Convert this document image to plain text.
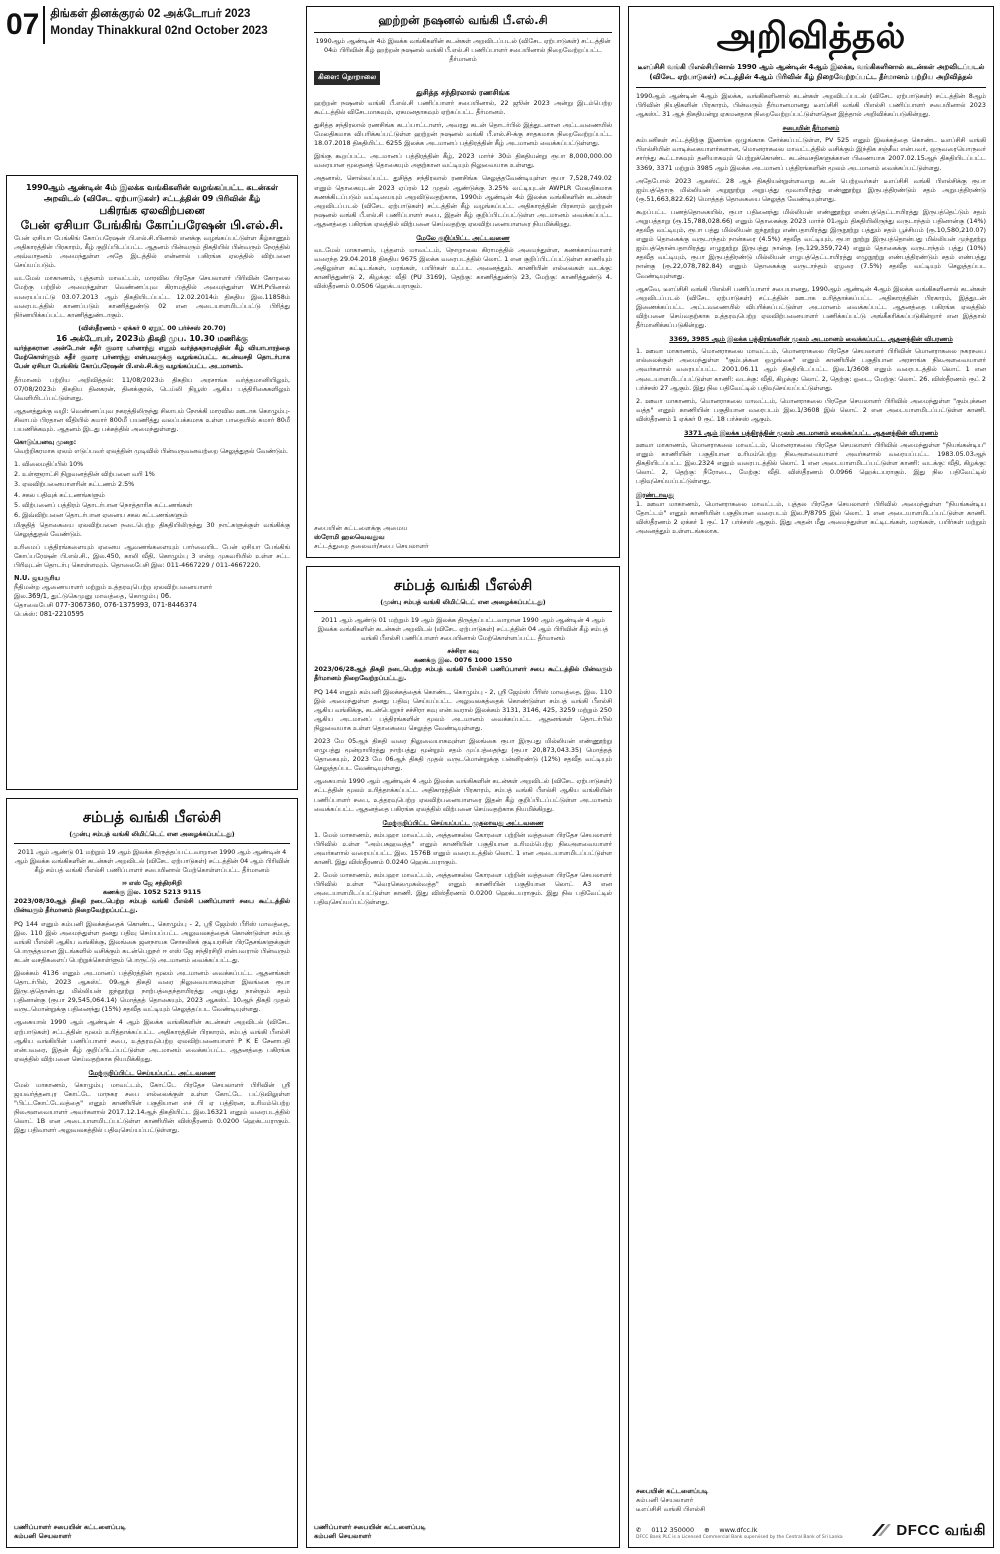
07 திங்கள் தினக்குரல் 02 அக்டோபர் 2023
Monday Thinakkural 02nd October 2023
1990ஆம் ஆண்டின் 4ம் இலக்க வங்கிகளின் வழங்கப்பட்ட கடன்கள் அறவிடல் (விசேட ஏற்பாடுகள்) சட்டத்தின் 09 பிரிவின் கீழ்
பகிரங்க ஏலவிற்பனை
பேன் ஏசியா பேங்கிங் கோப்பரேஷன் பி.எல்.சி.

பேன் ஏசியா பேங்கிங் கோப்பரேஷன் பி.எல்.சி.யினால் எனக்கு வழங்கப்பட்டுள்ள கீழ்காணும் அதிகாரத்தின் பிரகாரம், கீழ் குறிப்பிடப்பட்ட ஆதனம் பின்வரும் திகதியில் பின்வரும் நேரத்தில் அவ்வாதனம் அமைந்துள்ள அதே இடத்தில் என்னால் பகிரங்க ஏலத்தில் விற்பனை செய்யப்படும்.

வடமேல் மாகாணம், புத்தளம் மாவட்டம், மாரவில பிரதேச செயலாளர் பிரிவின் கோரலை மேற்கு பற்றில் அமைந்துள்ள வெண்ணப்புவ கிராமத்தில் அமைந்துள்ள W.H.Pயினால் வரையப்பட்டு 03.07.2013 ஆம் திகதியிடப்பட்ட 12.02.2014ம் திகதிய இல.11858ம் வரைபடத்தில் காணப்படும் காணித்துண்டு 02 என அடையாளமிடப்பட்டு பிரித்து நிர்ணயிக்கப்பட்ட காணித்துண்டாகும்.

(விஸ்தீரணம் - ஏக்கர் 0 ஏறூட் 00 பர்ச்சஸ் 20.70)
16 அக்டோபர், 2023ம் திகதி முப. 10.30 மணிக்கு

வர்த்தகரான அன்டோன் சுதீர் குமார பர்னாந்து எனும் வர்த்தகநாமத்தின் கீழ் வியாபாரத்தை மேற்கொள்ளும் சுதீர் குமார பர்னாந்து என்பவருக்கு வழங்கப்பட்ட கடன்வசதி தொடர்பாக பேன் ஏசியா பேங்கிங் கோப்பரேஷன் பி.எல்.சி.க்கு வழங்கப்பட்ட அடமானம்.

தீர்மானம் பற்றிய அறிவித்தல்: 11/08/2023ம் திகதிய அரசாங்க வர்த்தமானியிலும், 07/08/2023ம் திகதிய தினகரன், தினக்குரல், டெய்லி நியூஸ் ஆகிய பத்திரிகைகளிலும் வெளியிடப்பட்டுள்ளது.

ஆதனத்துக்கு வழி: வெண்ணப்புவ நகரத்திலிருந்து சிலாபம் நோக்கி மாரவில ஊடாக கொழும்பு-சிலாபம் பிரதான வீதியில் சுமார் 800மீ பயணித்து வலப்பக்கமாக உள்ள பாதையில் சுமார் 80மீ பயணிக்கவும். ஆதனம் இடது பக்கத்தில் அமைந்துள்ளது.

கொடுப்பனவு முறை:

வெற்றிகரமாக ஏலம் எடுப்பவர் ஏலத்தின் முடிவில் பின்வருவனவற்றை செலுத்துதல் வேண்டும்.

1. விலைமதிப்பில் 10%
2. உள்ளூராட்சி நிறுவனத்தின் விற்பனை வரி 1%
3. ஏலவிற்பனையாளரின் கட்டணம் 2.5%
4. சகல பதிவுக் கட்டணங்களும்
5. விற்பனைப் பத்திரம் தொடர்பான நொத்தாரிசு கட்டணங்கள்
6. இவ்விற்பனை தொடர்பான ஏனைய சகல கட்டணங்களும்

மிகுதித் தொகையை ஏலவிற்பனை நடைபெற்ற திகதியிலிருந்து 30 நாட்களுக்குள் வங்கிக்கு செலுத்துதல் வேண்டும்.

உரிமைப் பத்திரங்களையும் ஏனைய ஆவணங்களையும் பார்வையிட பேன் ஏசியா பேங்கிங் கோப்பரேஷன் பி.எல்.சி., இல.450, காலி வீதி, கொழும்பு 3 என்ற முகவரியில் உள்ள சட்ட பிரிவுடன் தொடர்பு கொள்ளவும். தொலைபேசி இல: 011-4667229 / 011-4667220.

N.U. ஜயசூரிய
நீதிமன்ற ஆணையாளர் மற்றும் உத்தரவுபெற்ற ஏலவிற்பனையாளர்
இல.369/1, துட்டுகெமுனு மாவத்தை, கொழும்பு 06.
தொலைபேசி 077-3067360, 076-1375993, 071-8446374
பெக்ஸ்: 081-2210595
சம்பத் வங்கி பீஎல்சி
(முன்பு சம்பத் வங்கி லிமிட்டெட் என அழைக்கப்பட்டது)

2011 ஆம் ஆண்டு 01 மற்றும் 19 ஆம் இலக்க திருத்தப்பட்டவாறான 1990 ஆம் ஆண்டின் 4 ஆம் இலக்க வங்கிகளின் கடன்கள் அறவிடல் (விசேட ஏற்பாடுகள்) சட்டத்தின் 04 ஆம் பிரிவின் கீழ் சம்பத் வங்கி பீஎல்சி பணிப்பாளர் சபையினால் மேற்கொள்ளப்பட்ட தீர்மானம்

ஈ எஸ் ஜே சந்திரசிறி
கணக்கு இல. 1052 5213 9115

2023/08/30ஆந் திகதி நடைபெற்ற சம்பத் வங்கி பீஎல்சி பணிப்பாளர் சபை கூட்டத்தில் பின்வரும் தீர்மானம் நிறைவேற்றப்பட்டது.

PQ 144 எனும் கம்பனி இலக்கத்தைக் கொண்ட, கொழும்பு - 2, ஸ்ரீ ஜேம்ஸ் பீரிஸ் மாவத்தை, இல. 110 இல் அமைந்துள்ள தனது பதிவு செய்யப்பட்ட அலுவலகத்தைக் கொண்டுள்ள சம்பத் வங்கி பீஎல்சி ஆகிய வங்கிக்கு, இலங்கை ஜனநாயக சோசலிசக் குடியரசின் பிரதேசங்களுக்குள் பொருத்தமான இடங்களில் வசிக்கும் கடன்பெறுநர் ஈ எஸ் ஜே சந்திரசிறி என்பவரால் பின்வரும் கடன் வசதிகளைப் பெற்றுக்கொள்ளும் பொருட்டு அடமானம் வைக்கப்பட்டது.

இலக்கம் 4136 எனும் அடமானப் பத்திரத்தின் மூலம் அடமானம் வைக்கப்பட்ட ஆதனங்கள் தொடர்பில், 2023 ஆகஸ்ட் 09ஆந் திகதி வரை நிலுவையாகவுள்ள இலங்கை ரூபா இருபத்தொன்பது மில்லியன் ஐந்நூற்று நாற்பத்தைந்தாயிரத்து அறுபத்து நான்கும் சதம் பதினான்கு (ரூபா 29,545,064.14) மொத்தத் தொகையும், 2023 ஆகஸ்ட் 10ஆந் திகதி முதல் வருடமொன்றுக்கு பதினைந்து (15%) சதவீத வட்டியும் செலுத்தப்பட வேண்டியுள்ளது.

ஆகையால் 1990 ஆம் ஆண்டின் 4 ஆம் இலக்க வங்கிகளின் கடன்கள் அறவிடல் (விசேட ஏற்பாடுகள்) சட்டத்தின் மூலம் உரித்தாக்கப்பட்ட அதிகாரத்தின் பிரகாரம், சம்பத் வங்கி பீஎல்சி ஆகிய வங்கியின் பணிப்பாளர் சபை, உத்தரவுபெற்ற ஏலவிற்பனையாளர் P K E சேனாபதி என்பவரை, இதன் கீழ் குறிப்பிடப்பட்டுள்ள அடமானம் வைக்கப்பட்ட ஆதனத்தை பகிரங்க ஏலத்தில் விற்பனை செய்வதற்காக நியமிக்கிறது.

மேற்குறிப்பிட்ட செய்யப்பட்ட அட்டவணை

மேல் மாகாணம், கொழும்பு மாவட்டம், கோட்டே பிரதேச செயலாளர் பிரிவின் ஸ்ரீ ஜயவர்த்தனபுர கோட்டே மாநகர சபை எல்லைக்குள் உள்ள கோட்டே பட்டுவிலுள்ள "பிட்டகோட்டேவத்தை" எனும் காணியின் பகுதியான எச் பி ஏ பத்திரன, உரிமம்பெற்ற நிலஅளவையாளர் அவர்களால் 2017.12.14ஆந் திகதியிட்ட இல.16321 எனும் வரைபடத்தில் லொட் 1B என அடையாளமிடப்பட்டுள்ள காணியின் விஸ்தீரணம் 0.0200 ஹெக்டயராகும். இது பதிவாளர் அலுவலகத்தில் பதிவுசெய்யப்பட்டுள்ளது.

பணிப்பாளர் சபையின் கட்டளைப்படி
கம்பனி செயலாளர்
ஹற்றன் நஷனல் வங்கி பீ.எல்.சி

1990ஆம் ஆண்டின் 4ம் இலக்க வங்கிகளின் கடன்கள் அறவிடப்படல் (விசேட ஏற்பாடுகள்) சட்டத்தின் 04ம் பிரிவின் கீழ் ஹற்றன் நஷனல் வங்கி பீ.எல்.சி பணிப்பாளர் சபையினால் நிறைவேற்றப்பட்ட தீர்மானம்

கிளை: நொறாலை
துசித்த சந்திரலால் ரணசிங்க

ஹற்றன் நஷனல் வங்கி பீ.எல்.சி பணிப்பாளர் சபையினால், 22 ஜூன் 2023 அன்று இடம்பெற்ற கூட்டத்தில் விசேடமாகவும், ஏகமனதாகவும் ஏற்கப்பட்ட தீர்மானம்.

துசித்த சந்திரலால் ரணசிங்க கடப்பாட்டாளர், அவரது கடன் தொடர்பில் இத்துடனான அட்டவணையில் மேலதிகமாக விபரிக்கப்பட்டுள்ள ஹற்றன் நஷனல் வங்கி பீ.எல்.சி-க்கு சாதகமாக நிறைவேற்றப்பட்ட 18.07.2018 திகதியிட்ட 6255 இலக்க அடமானப் பத்திரத்தின் கீழ் அடமானம் வைக்கப்பட்டுள்ளது.

இங்கு கூறப்பட்ட அடமானப் பத்திரத்தின் கீழ், 2023 மார்ச் 30ம் திகதியன்று ரூபா 8,000,000.00 வரையான மூலதனத் தொகையும் அதற்கான வட்டியும் நிலுவையாக உள்ளது.

அதனால், சொல்லப்பட்ட துசித்த சந்திரலால் ரணசிங்க செலுத்தவேண்டியுள்ள ரூபா 7,528,749.02 எனும் தொகையுடன் 2023 ஏப்ரல் 12 முதல் ஆண்டுக்கு 3.25% வட்டியுடன் AWPLR மேலதிகமாக கணக்கிடப்படும் வட்டியையும் அறவிடுவதற்காக, 1990ம் ஆண்டின் 4ம் இலக்க வங்கிகளின் கடன்கள் அறவிடப்படல் (விசேட ஏற்பாடுகள்) சட்டத்தின் கீழ் வழங்கப்பட்ட அதிகாரத்தின் பிரகாரம் ஹற்றன் நஷனல் வங்கி பீ.எல்.சி பணிப்பாளர் சபை, இதன் கீழ் குறிப்பிடப்பட்டுள்ள அடமானம் வைக்கப்பட்ட ஆதனத்தை பகிரங்க ஏலத்தில் விற்பனை செய்வதற்கு ஏலவிற்பனையாளரை நியமிக்கிறது.

மேலே குறிப்பிட்ட அட்டவணை

வடமேல் மாகாணம், புத்தளம் மாவட்டம், நொறாலை கிராமத்தில் அமைந்துள்ள, கணக்காய்வாளர் வரைந்த 29.04.2018 திகதிய 9675 இலக்க வரைபடத்தில் லொட் 1 என குறிப்பிடப்பட்டுள்ள காணியும் அதிலுள்ள கட்டிடங்கள், மரங்கள், பயிர்கள் உட்பட அனைத்தும். காணியின் எல்லைகள் வடக்கு: காணித்துண்டு 2, கிழக்கு: வீதி (PU 3169), தெற்கு: காணித்துண்டு 23, மேற்கு: காணித்துண்டு 4. விஸ்தீரணம் 0.0506 ஹெக்டயராகும்.

சபையின் கட்டளைக்கு அமைய
ஸ்ரோமி ஹலவெவதுவ
சட்டத்துறை தலைவர்/சபை செயலாளர்
சம்பத் வங்கி பீஎல்சி
(முன்பு சம்பத் வங்கி லிமிட்டெட் என அழைக்கப்பட்டது)

2011 ஆம் ஆண்டு 01 மற்றும் 19 ஆம் இலக்க திருத்தப்பட்டவாறான 1990 ஆம் ஆண்டின் 4 ஆம் இலக்க வங்கிகளின் கடன்கள் அறவிடல் (விசேட ஏற்பாடுகள்) சட்டத்தின் 04 ஆம் பிரிவின் கீழ் சம்பத் வங்கி பீஎல்சி பணிப்பாளர் சபையினால் மேற்கொள்ளப்பட்ட தீர்மானம்

சச்சிரா கவு
கணக்கு இல. 0076 1000 1550

2023/06/28ஆந் திகதி நடைபெற்ற சம்பத் வங்கி பீஎல்சி பணிப்பாளர் சபை கூட்டத்தில் பின்வரும் தீர்மானம் நிறைவேற்றப்பட்டது.

PQ 144 எனும் கம்பனி இலக்கத்தைக் கொண்ட, கொழும்பு - 2, ஸ்ரீ ஜேம்ஸ் பீரிஸ் மாவத்தை, இல. 110 இல் அமைந்துள்ள தனது பதிவு செய்யப்பட்ட அலுவலகத்தைக் கொண்டுள்ள சம்பத் வங்கி பீஎல்சி ஆகிய வங்கிக்கு, கடன்பெறுநர் சச்சிரா கவு என்பவரால் இலக்கம் 3131, 3146, 425, 3259 மற்றும் 250 ஆகிய அடமானப் பத்திரங்களின் மூலம் அடமானம் வைக்கப்பட்ட ஆதனங்கள் தொடர்பில் நிலுவையாக உள்ள தொகையை செலுத்த வேண்டியுள்ளது.

2023 மே 05ஆந் திகதி வரை நிலுவையாகவுள்ள இலங்கை ரூபா இருபது மில்லியன் எண்ணூற்று எழுபத்து மூன்றாயிரத்து நாற்பத்து மூன்றும் சதம் முப்பத்தைந்து (ரூபா 20,873,043.35) மொத்தத் தொகையும், 2023 மே 06ஆந் திகதி முதல் வருடமொன்றுக்கு பன்னிரண்டு (12%) சதவீத வட்டியும் செலுத்தப்பட வேண்டியுள்ளது.

ஆகையால் 1990 ஆம் ஆண்டின் 4 ஆம் இலக்க வங்கிகளின் கடன்கள் அறவிடல் (விசேட ஏற்பாடுகள்) சட்டத்தின் மூலம் உரித்தாக்கப்பட்ட அதிகாரத்தின் பிரகாரம், சம்பத் வங்கி பீஎல்சி ஆகிய வங்கியின் பணிப்பாளர் சபை, உத்தரவுபெற்ற ஏலவிற்பனையாளரை இதன் கீழ் குறிப்பிடப்பட்டுள்ள அடமானம் வைக்கப்பட்ட ஆதனத்தை பகிரங்க ஏலத்தில் விற்பனை செய்வதற்காக நியமிக்கிறது.

மேற்குறிப்பிட்ட செய்யப்பட்ட முதலாவது அட்டவணை

1. மேல் மாகாணம், கம்பஹா மாவட்டம், அத்தனகல்ல கோரளை பற்றின் வத்தளை பிரதேச செயலாளர் பிரிவில் உள்ள "அம்பகஹவத்த" எனும் காணியின் பகுதியான உரிமம்பெற்ற நிலஅளவையாளர் அவர்களால் வரையப்பட்ட இல. 1576B எனும் வரைபடத்தில் லொட் 1 என அடையாளமிடப்பட்டுள்ள காணி. இது விஸ்தீரணம் 0.0240 ஹெக்டயராகும்.

2. மேல் மாகாணம், கம்பஹா மாவட்டம், அத்தனகல்ல கோரளை பற்றின் வத்தளை பிரதேச செயலாளர் பிரிவில் உள்ள "வெரகெலமுகல்வத்த" எனும் காணியின் பகுதியான லொட் A3 என அடையாளமிடப்பட்டுள்ள காணி. இது விஸ்தீரணம் 0.0200 ஹெக்டயராகும். இது நில பதிவேட்டில் பதிவுசெய்யப்பட்டுள்ளது.

பணிப்பாளர் சபையின் கட்டளைப்படி
கம்பனி செயலாளர்
அறிவித்தல்
டீஎப்சிசி வங்கி பிஎல்சியினால் 1990 ஆம் ஆண்டின் 4ஆம் இலக்க, வங்கிகளினால் கடன்கள் அறவிடப்படல் (விசேட ஏற்பாடுகள்) சட்டத்தின் 4ஆம் பிரிவின் கீழ் நிறைவேற்றப்பட்ட தீர்மானம் பற்றிய அறிவித்தல்

1990ஆம் ஆண்டின் 4ஆம் இலக்க, வங்கிகளினால் கடன்கள் அறவிடப்படல் (விசேட ஏற்பாடுகள்) சட்டத்தின் 8ஆம் பிரிவின் நியதிகளின் பிரகாரம், பின்வரும் தீர்மானமானது டீஎப்சிசி வங்கி பிஎல்சி பணிப்பாளர் சபையினால் 2023 ஆகஸ்ட் 31 ஆந் திகதியன்று ஏகமனதாக நிறைவேற்றப்பட்டுள்ளதென இத்தால் அறிவிக்கப்படுகின்றது.

சபையின் தீர்மானம்

கம்பனிகள் சட்டத்திற்கு இணங்க ஒழுங்காக சேர்க்கப்பட்டுள்ள, PV 525 எனும் இலக்கத்தை கொண்ட டீஎப்சிசி வங்கி பிஎல்சியின் வாடிக்கையாளர்களான, மொனராகலை மாவட்டத்தில் வசிக்கும் இந்திக சஞ்சீவ என்பவர், ஒருவரையொருவர் சார்ந்து கூட்டாகவும் தனியாகவும் பெற்றுக்கொண்ட கடன்வசதிகளுக்கான பிணையாக 2007.02.15ஆந் திகதியிடப்பட்ட 3369, 3371 மற்றும் 3985 ஆம் இலக்க அடமானப் பத்திரங்களின் மூலம் அடமானம் வைக்கப்பட்டுள்ளது.

அதேபோல் 2023 ஆகஸ்ட் 28 ஆந் திகதியன்றுள்ளவாறு கடன் பெற்றவர்கள் டீஎப்சிசி வங்கி பிஎல்சிக்கு ரூபா ஐம்பத்தொரு மில்லியன் அறுநூற்று அறுபத்து மூவாயிரத்து எண்ணூற்று இருபத்திரண்டும் சதம் அறுபத்திரண்டு (ரூ.51,663,822.62) மொத்தத் தொகையை செலுத்த வேண்டியுள்ளது.

கூறப்பட்ட பணத்தொகையில், ரூபா பதினைந்து மில்லியன் எண்ணூற்று எண்பத்தெட்டாயிரத்து இருபத்தெட்டும் சதம் அறுபத்தாறு (ரூ.15,788,028.66) எனும் தொகைக்கு 2023 மார்ச் 01ஆம் திகதியிலிருந்து வருடாந்தம் பதினான்கு (14%) சதவீத வட்டியும், ரூபா பத்து மில்லியன் ஐந்நூற்று எண்பதாயிரத்து இருநூற்று பத்தும் சதம் பூச்சியம் (ரூ.10,580,210.07) எனும் தொகைக்கு வருடாந்தம் நான்கரை (4.5%) சதவீத வட்டியும், ரூபா நூற்று இருபத்தொன்பது மில்லியன் முந்நூற்று ஐம்பத்தொன்பதாயிரத்து எழுநூற்று இருபத்து நான்கு (ரூ.129,359,724) எனும் தொகைக்கு வருடாந்தம் பத்து (10%) சதவீத வட்டியும், ரூபா இருபத்திரண்டு மில்லியன் எழுபத்தெட்டாயிரத்து எழுநூற்று எண்பத்திரண்டும் சதம் எண்பத்து நான்கு (ரூ.22,078,782.84) எனும் தொகைக்கு வருடாந்தம் ஏழரை (7.5%) சதவீத வட்டியும் செலுத்தப்பட வேண்டியுள்ளது.

ஆகவே, டீஎப்சிசி வங்கி பிஎல்சி பணிப்பாளர் சபையானது, 1990ஆம் ஆண்டின் 4ஆம் இலக்க வங்கிகளினால் கடன்கள் அறவிடப்படல் (விசேட ஏற்பாடுகள்) சட்டத்தின் ஊடாக உரித்தாக்கப்பட்ட அதிகாரத்தின் பிரகாரம், இத்துடன் இணைக்கப்பட்ட அட்டவணையில் விபரிக்கப்பட்டுள்ள அடமானம் வைக்கப்பட்ட ஆதனத்தை பகிரங்க ஏலத்தில் விற்பனை செய்வதற்காக உத்தரவுபெற்ற ஏலவிற்பனையாளர் பணிக்கப்பட்டு அங்கீகரிக்கப்படுகின்றார் என இத்தால் தீர்மானிக்கப்படுகின்றது.

3369, 3985 ஆம் இலக்க பத்திரங்களின் மூலம் அடமானம் வைக்கப்பட்ட ஆதனத்தின் விபரணம்

1. ஊவா மாகாணம், மொனராகலை மாவட்டம், மொனராகலை பிரதேச செயலாளர் பிரிவின் மொனராகலை நகரசபை எல்லைக்குள் அமைந்துள்ள "கும்புக்கன ஒழுங்கை" எனும் காணியின் பகுதியான அரசாங்க நிலஅளவையாளர் அவர்களால் வரையப்பட்ட 2001.06.11 ஆம் திகதியிடப்பட்ட இல.1/3608 எனும் வரைபடத்தில் லொட் 1 என அடையாளமிடப்பட்டுள்ள காணி: வடக்கு: வீதி, கிழக்கு: லொட் 2, தெற்கு: ஓடை, மேற்கு: லொட் 26. விஸ்தீரணம் ரூட் 2 பர்ச்சஸ் 27 ஆகும். இது நில பதிவேட்டில் பதிவுசெய்யப்பட்டுள்ளது.

2. ஊவா மாகாணம், மொனராகலை மாவட்டம், மொனராகலை பிரதேச செயலாளர் பிரிவில் அமைந்துள்ள "கும்புக்கன வத்த" எனும் காணியின் பகுதியான வரைபடம் இல.1/3608 இல் லொட் 2 என அடையாளமிடப்பட்டுள்ள காணி. விஸ்தீரணம் 1 ஏக்கர் 0 ரூட் 18 பர்ச்சஸ் ஆகும்.

3371 ஆம் இலக்க பத்திரத்தின் மூலம் அடமானம் வைக்கப்பட்ட ஆதனத்தின் விபரணம்

ஊவா மாகாணம், மொனராகலை மாவட்டம், மொனராகலை பிரதேச செயலாளர் பிரிவில் அமைந்துள்ள "நியங்கன்டிய" எனும் காணியின் பகுதியான உரிமம்பெற்ற நிலஅளவையாளர் அவர்களால் வரையப்பட்ட 1983.05.03ஆந் திகதியிடப்பட்ட இல.2324 எனும் வரைபடத்தில் லொட் 1 என அடையாளமிடப்பட்டுள்ள காணி: வடக்கு: வீதி, கிழக்கு: லொட் 2, தெற்கு: நீரோடை, மேற்கு: வீதி. விஸ்தீரணம் 0.0966 ஹெக்டயராகும். இது நில பதிவேட்டில் பதிவுசெய்யப்பட்டுள்ளது.

இரண்டாவது

1. ஊவா மாகாணம், மொனராகலை மாவட்டம், புத்தல பிரதேச செயலாளர் பிரிவில் அமைந்துள்ள "நியங்கன்டிய தோட்டம்" எனும் காணியின் பகுதியான வரைபடம் இல.P/8795 இல் லொட் 1 என அடையாளமிடப்பட்டுள்ள காணி. விஸ்தீரணம் 2 ஏக்கர் 1 ரூட் 17 பர்ச்சஸ் ஆகும். இது அதன் மீது அமைந்துள்ள கட்டிடங்கள், மரங்கள், பயிர்கள் மற்றும் அனைத்தும் உள்ளடங்கலாக.

சபையின் கட்டளைப்படி
கம்பனி செயலாளர்
டீஎப்சிசி வங்கி பிஎல்சி
✆ 0112 350000 ⊕ www.dfcc.lk
DFCC Bank PLC is a Licensed Commercial Bank supervised by the Central Bank of Sri Lanka	DFCC வங்கி
